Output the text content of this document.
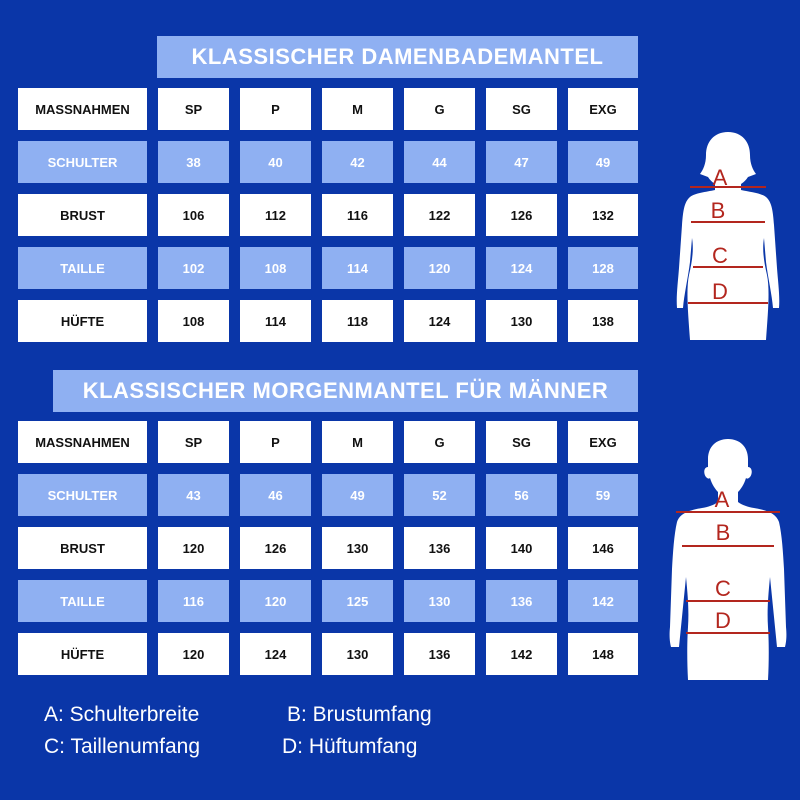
KLASSISCHER DAMENBADEMANTEL
MASSNAHMEN	SP	P	M	G	SG	EXG
SCHULTER	38	40	42	44	47	49
BRUST	106	112	116	122	126	132
TAILLE	102	108	114	120	124	128
HÜFTE	108	114	118	124	130	138
A
B
C
D
KLASSISCHER MORGENMANTEL FÜR MÄNNER
MASSNAHMEN	SP	P	M	G	SG	EXG
SCHULTER	43	46	49	52	56	59
BRUST	120	126	130	136	140	146
TAILLE	116	120	125	130	136	142
HÜFTE	120	124	130	136	142	148
A
B
C
D
A: Schulterbreite	B: Brustumfang
C: Taillenumfang	D: Hüftumfang
